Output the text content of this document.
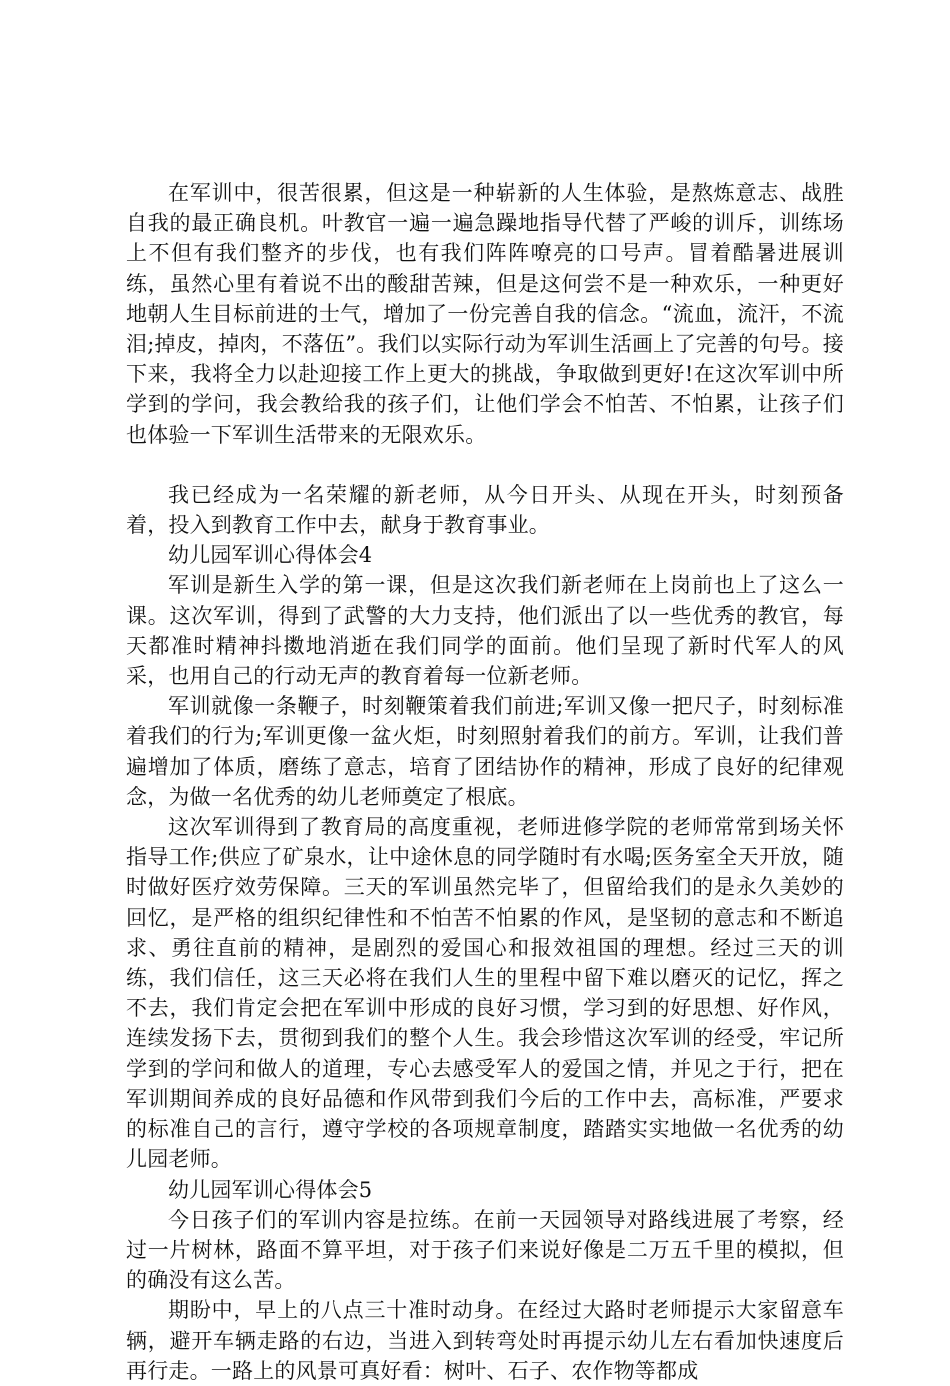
在军训中，很苦很累，但这是一种崭新的人生体验，是熬炼意志、战胜自我的最正确良机。叶教官一遍一遍急躁地指导代替了严峻的训斥，训练场上不但有我们整齐的步伐，也有我们阵阵嘹亮的口号声。冒着酷暑进展训练，虽然心里有着说不出的酸甜苦辣，但是这何尝不是一种欢乐，一种更好地朝人生目标前进的士气，增加了一份完善自我的信念。“流血，流汗，不流泪;掉皮，掉肉，不落伍”。我们以实际行动为军训生活画上了完善的句号。接下来，我将全力以赴迎接工作上更大的挑战，争取做到更好!在这次军训中所学到的学问，我会教给我的孩子们，让他们学会不怕苦、不怕累，让孩子们也体验一下军训生活带来的无限欢乐。

我已经成为一名荣耀的新老师，从今日开头、从现在开头，时刻预备着，投入到教育工作中去，献身于教育事业。

幼儿园军训心得体会4

军训是新生入学的第一课，但是这次我们新老师在上岗前也上了这么一课。这次军训，得到了武警的大力支持，他们派出了以一些优秀的教官，每天都准时精神抖擞地消逝在我们同学的面前。他们呈现了新时代军人的风采，也用自己的行动无声的教育着每一位新老师。

军训就像一条鞭子，时刻鞭策着我们前进;军训又像一把尺子，时刻标准着我们的行为;军训更像一盆火炬，时刻照射着我们的前方。军训，让我们普遍增加了体质，磨练了意志，培育了团结协作的精神，形成了良好的纪律观念，为做一名优秀的幼儿老师奠定了根底。

这次军训得到了教育局的高度重视，老师进修学院的老师常常到场关怀指导工作;供应了矿泉水，让中途休息的同学随时有水喝;医务室全天开放，随时做好医疗效劳保障。三天的军训虽然完毕了，但留给我们的是永久美妙的回忆，是严格的组织纪律性和不怕苦不怕累的作风，是坚韧的意志和不断追求、勇往直前的精神，是剧烈的爱国心和报效祖国的理想。经过三天的训练，我们信任，这三天必将在我们人生的里程中留下难以磨灭的记忆，挥之不去，我们肯定会把在军训中形成的良好习惯，学习到的好思想、好作风，连续发扬下去，贯彻到我们的整个人生。我会珍惜这次军训的经受，牢记所学到的学问和做人的道理，专心去感受军人的爱国之情，并见之于行，把在军训期间养成的良好品德和作风带到我们今后的工作中去，高标准，严要求的标准自己的言行，遵守学校的各项规章制度，踏踏实实地做一名优秀的幼儿园老师。

幼儿园军训心得体会5

今日孩子们的军训内容是拉练。在前一天园领导对路线进展了考察，经过一片树林，路面不算平坦，对于孩子们来说好像是二万五千里的模拟，但的确没有这么苦。

期盼中，早上的八点三十准时动身。在经过大路时老师提示大家留意车辆，避开车辆走路的右边，当进入到转弯处时再提示幼儿左右看加快速度后再行走。一路上的风景可真好看：树叶、石子、农作物等都成
